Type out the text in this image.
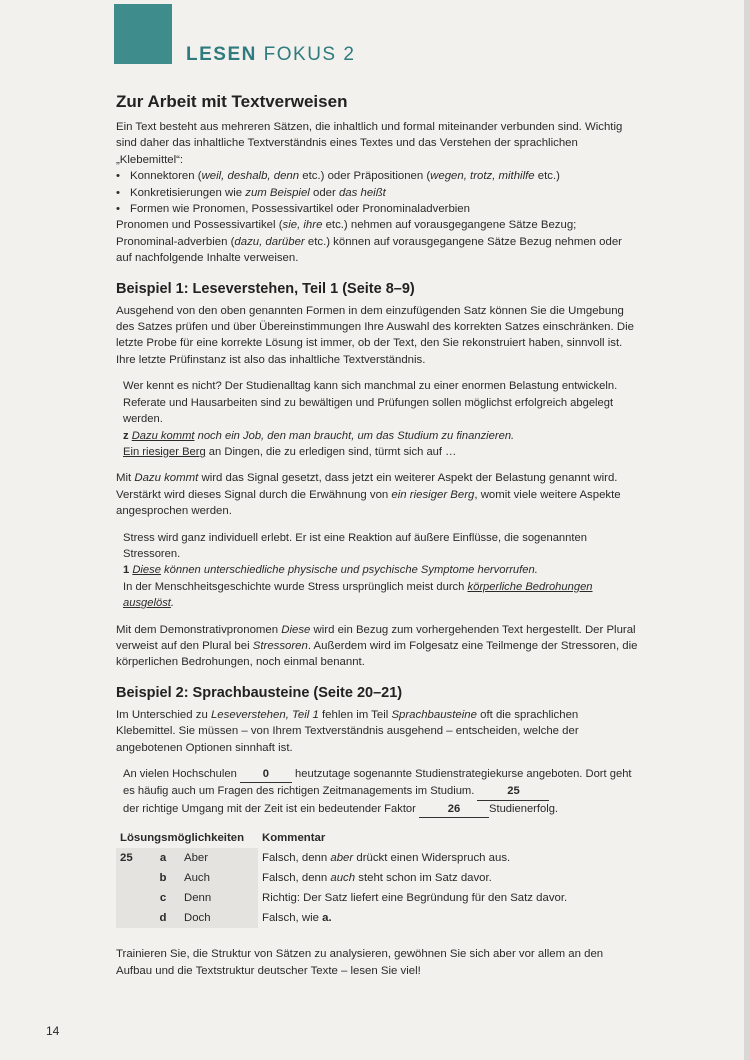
LESEN FOKUS 2
Zur Arbeit mit Textverweisen

Ein Text besteht aus mehreren Sätzen, die inhaltlich und formal miteinander verbunden sind. Wichtig sind daher das inhaltliche Textverständnis eines Textes und das Verstehen der sprachlichen „Klebemittel“:

• Konnektoren (weil, deshalb, denn etc.) oder Präpositionen (wegen, trotz, mithilfe etc.)
• Konkretisierungen wie zum Beispiel oder das heißt
• Formen wie Pronomen, Possessivartikel oder Pronominaladverbien

Pronomen und Possessivartikel (sie, ihre etc.) nehmen auf vorausgegangene Sätze Bezug; Pronominal-adverbien (dazu, darüber etc.) können auf vorausgegangene Sätze Bezug nehmen oder auf nachfolgende Inhalte verweisen.

Beispiel 1: Leseverstehen, Teil 1 (Seite 8–9)

Ausgehend von den oben genannten Formen in dem einzufügenden Satz können Sie die Umgebung des Satzes prüfen und über Übereinstimmungen Ihre Auswahl des korrekten Satzes einschränken. Die letzte Probe für eine korrekte Lösung ist immer, ob der Text, den Sie rekonstruiert haben, sinnvoll ist. Ihre letzte Prüfinstanz ist also das inhaltliche Textverständnis.

Wer kennt es nicht? Der Studienalltag kann sich manchmal zu einer enormen Belastung entwickeln. Referate und Hausarbeiten sind zu bewältigen und Prüfungen sollen möglichst erfolgreich abgelegt werden.

z Dazu kommt noch ein Job, den man braucht, um das Studium zu finanzieren.

Ein riesiger Berg an Dingen, die zu erledigen sind, türmt sich auf …

Mit Dazu kommt wird das Signal gesetzt, dass jetzt ein weiterer Aspekt der Belastung genannt wird. Verstärkt wird dieses Signal durch die Erwähnung von ein riesiger Berg, womit viele weitere Aspekte angesprochen werden.

Stress wird ganz individuell erlebt. Er ist eine Reaktion auf äußere Einflüsse, die sogenannten Stressoren.

1 Diese können unterschiedliche physische und psychische Symptome hervorrufen.

In der Menschheitsgeschichte wurde Stress ursprünglich meist durch körperliche Bedrohungen ausgelöst.

Mit dem Demonstrativpronomen Diese wird ein Bezug zum vorhergehenden Text hergestellt. Der Plural verweist auf den Plural bei Stressoren. Außerdem wird im Folgesatz eine Teilmenge der Stressoren, die körperlichen Bedrohungen, noch einmal benannt.

Beispiel 2: Sprachbausteine (Seite 20–21)

Im Unterschied zu Leseverstehen, Teil 1 fehlen im Teil Sprachbausteine oft die sprachlichen Klebemittel. Sie müssen – von Ihrem Textverständnis ausgehend – entscheiden, welche der angebotenen Optionen sinnhaft ist.

An vielen Hochschulen 0 heutzutage sogenannte Studienstrategiekurse angeboten. Dort geht es häufig auch um Fragen des richtigen Zeitmanagements im Studium.	25
der richtige Umgang mit der Zeit ist ein bedeutender Faktor	26	Studienerfolg.

Lösungsmöglichkeiten			Kommentar
25	a	Aber	Falsch, denn aber drückt einen Widerspruch aus.
	b	Auch	Falsch, denn auch steht schon im Satz davor.
	c	Denn	Richtig: Der Satz liefert eine Begründung für den Satz davor.
	d	Doch	Falsch, wie a.

Trainieren Sie, die Struktur von Sätzen zu analysieren, gewöhnen Sie sich aber vor allem an den Aufbau und die Textstruktur deutscher Texte – lesen Sie viel!

14
